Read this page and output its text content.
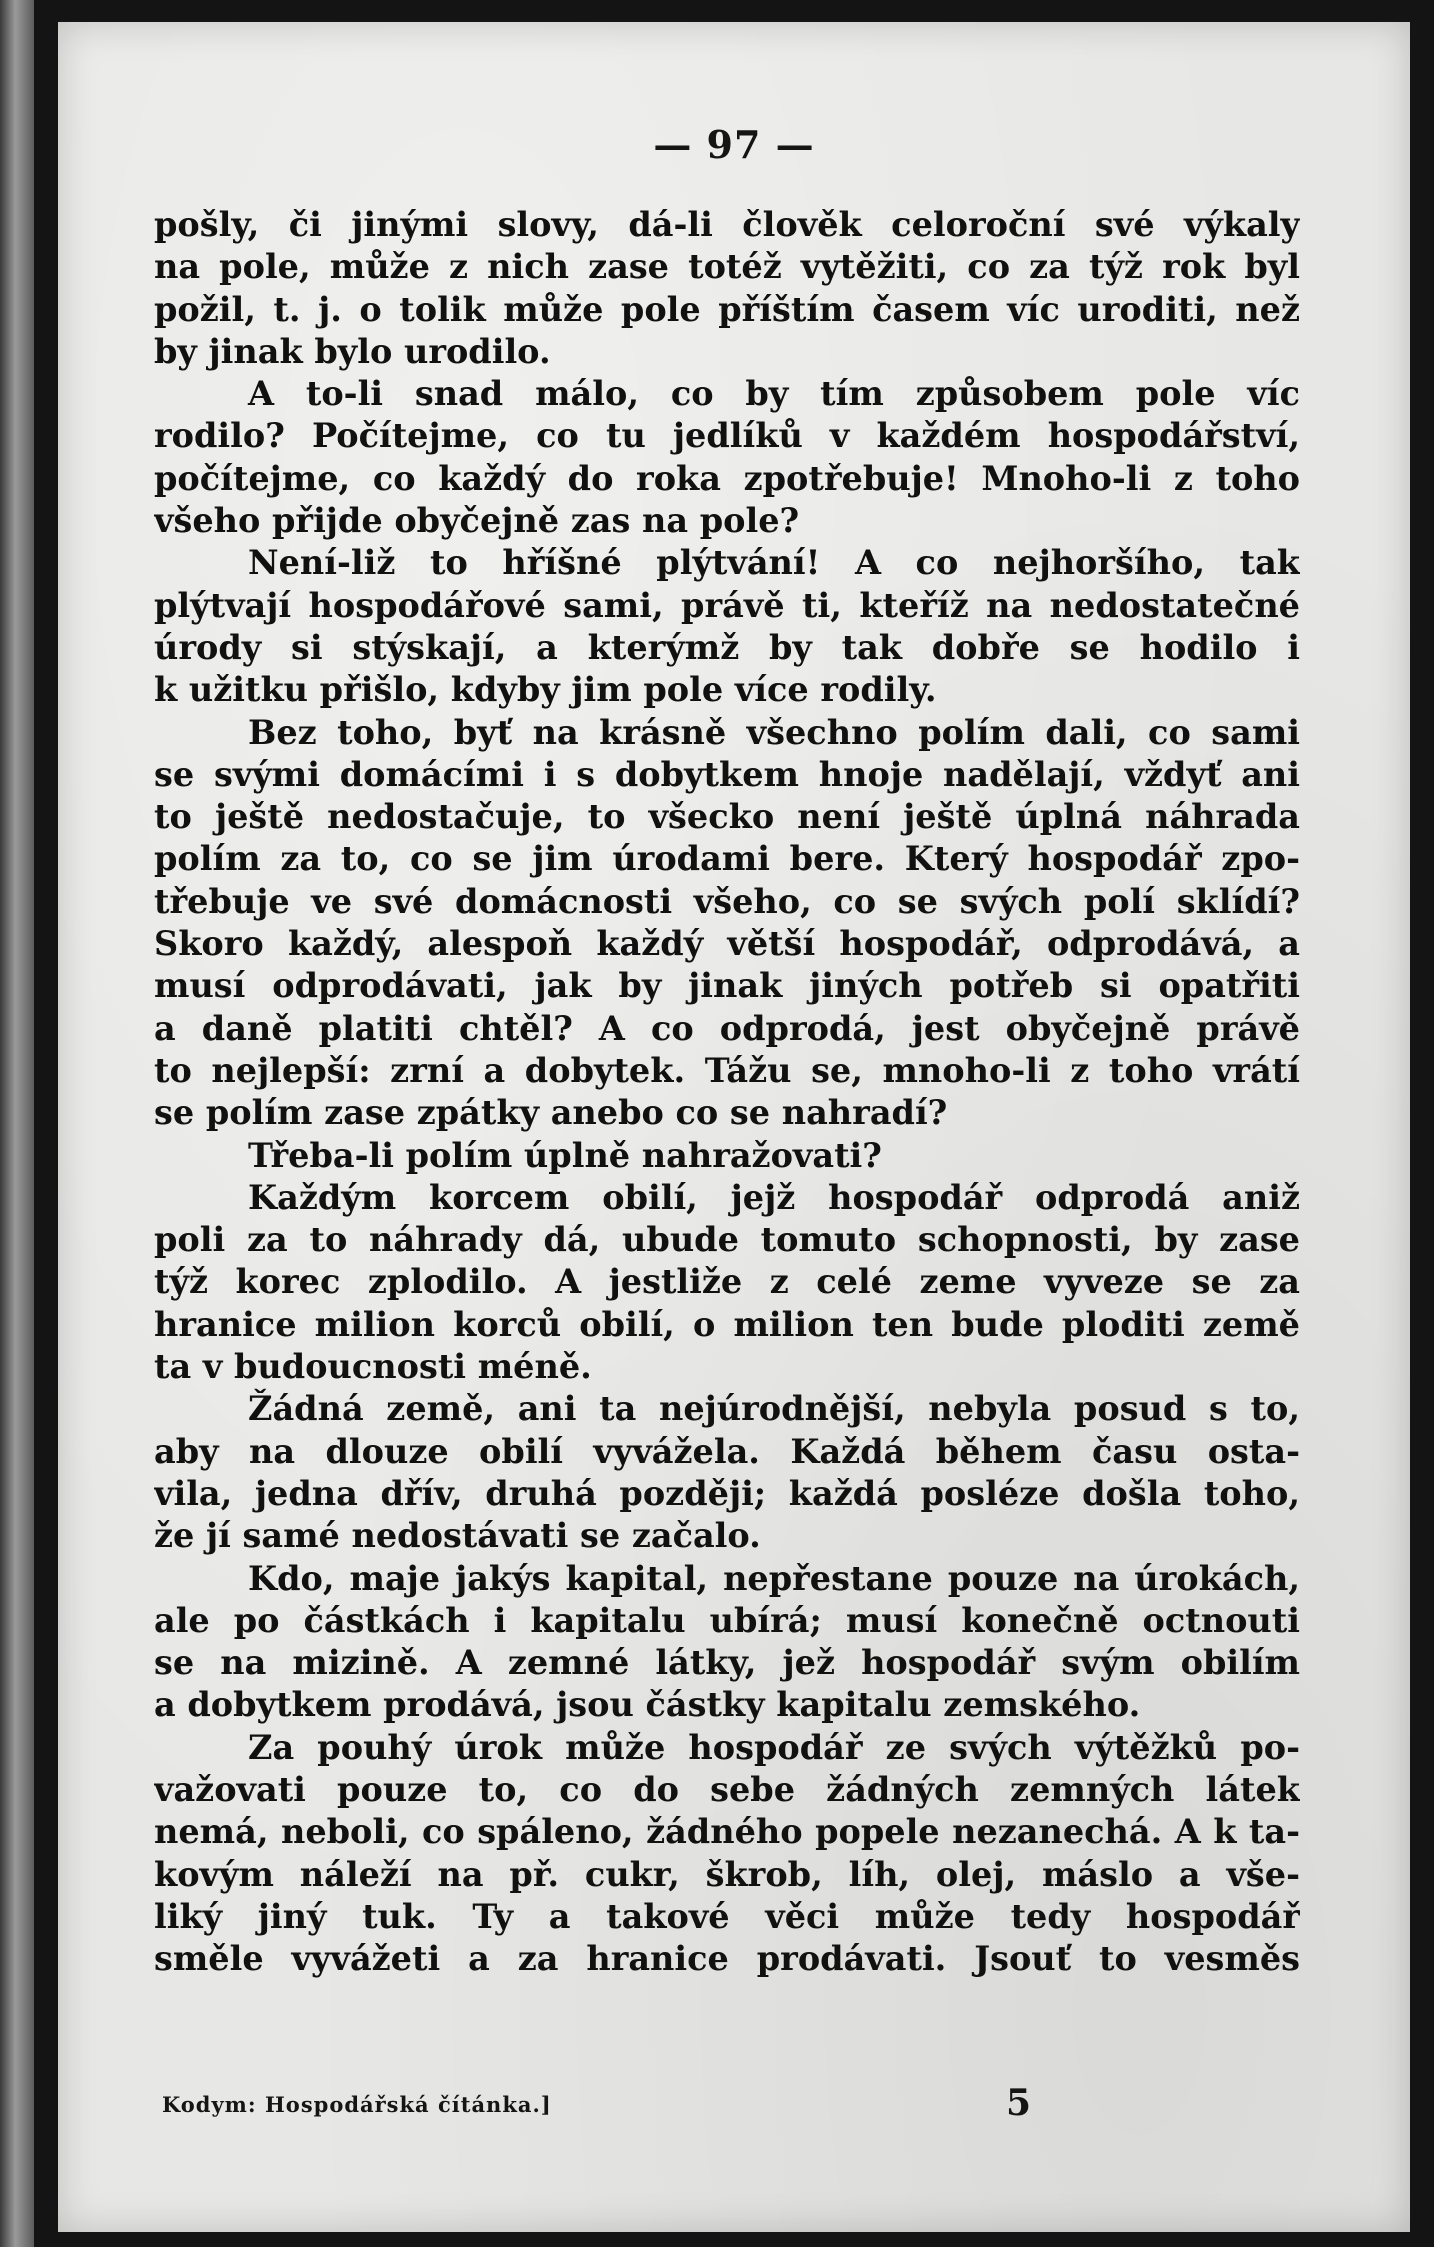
— 97 —
pošly, či jinými slovy, dá-li člověk celoroční své výkaly
na pole, může z nich zase totéž vytěžiti, co za týž rok byl
požil, t. j. o tolik může pole příštím časem víc uroditi, než
by jinak bylo urodilo.
A to-li snad málo, co by tím způsobem pole víc
rodilo? Počítejme, co tu jedlíků v každém hospodářství,
počítejme, co každý do roka zpotřebuje! Mnoho-li z toho
všeho přijde obyčejně zas na pole?
Není-liž to hříšné plýtvání! A co nejhoršího, tak
plýtvají hospodářové sami, právě ti, kteříž na nedostatečné
úrody si stýskají, a kterýmž by tak dobře se hodilo i
k užitku přišlo, kdyby jim pole více rodily.
Bez toho, byť na krásně všechno polím dali, co sami
se svými domácími i s dobytkem hnoje nadělají, vždyť ani
to ještě nedostačuje, to všecko není ještě úplná náhrada
polím za to, co se jim úrodami bere. Který hospodář zpo-
třebuje ve své domácnosti všeho, co se svých polí sklídí?
Skoro každý, alespoň každý větší hospodář, odprodává, a
musí odprodávati, jak by jinak jiných potřeb si opatřiti
a daně platiti chtěl? A co odprodá, jest obyčejně právě
to nejlepší: zrní a dobytek. Tážu se, mnoho-li z toho vrátí
se polím zase zpátky anebo co se nahradí?
Třeba-li polím úplně nahražovati?
Každým korcem obilí, jejž hospodář odprodá aniž
poli za to náhrady dá, ubude tomuto schopnosti, by zase
týž korec zplodilo. A jestliže z celé zeme vyveze se za
hranice milion korců obilí, o milion ten bude ploditi země
ta v budoucnosti méně.
Žádná země, ani ta nejúrodnější, nebyla posud s to,
aby na dlouze obilí vyvážela. Každá během času osta-
vila, jedna dřív, druhá později; každá posléze došla toho,
že jí samé nedostávati se začalo.
Kdo, maje jakýs kapital, nepřestane pouze na úrokách,
ale po částkách i kapitalu ubírá; musí konečně octnouti
se na mizině. A zemné látky, jež hospodář svým obilím
a dobytkem prodává, jsou částky kapitalu zemského.
Za pouhý úrok může hospodář ze svých výtěžků po-
važovati pouze to, co do sebe žádných zemných látek
nemá, neboli, co spáleno, žádného popele nezanechá. A k ta-
kovým náleží na př. cukr, škrob, líh, olej, máslo a vše-
liký jiný tuk. Ty a takové věci může tedy hospodář
směle vyvážeti a za hranice prodávati. Jsouť to vesměs
Kodym: Hospodářská čítánka.]	5
